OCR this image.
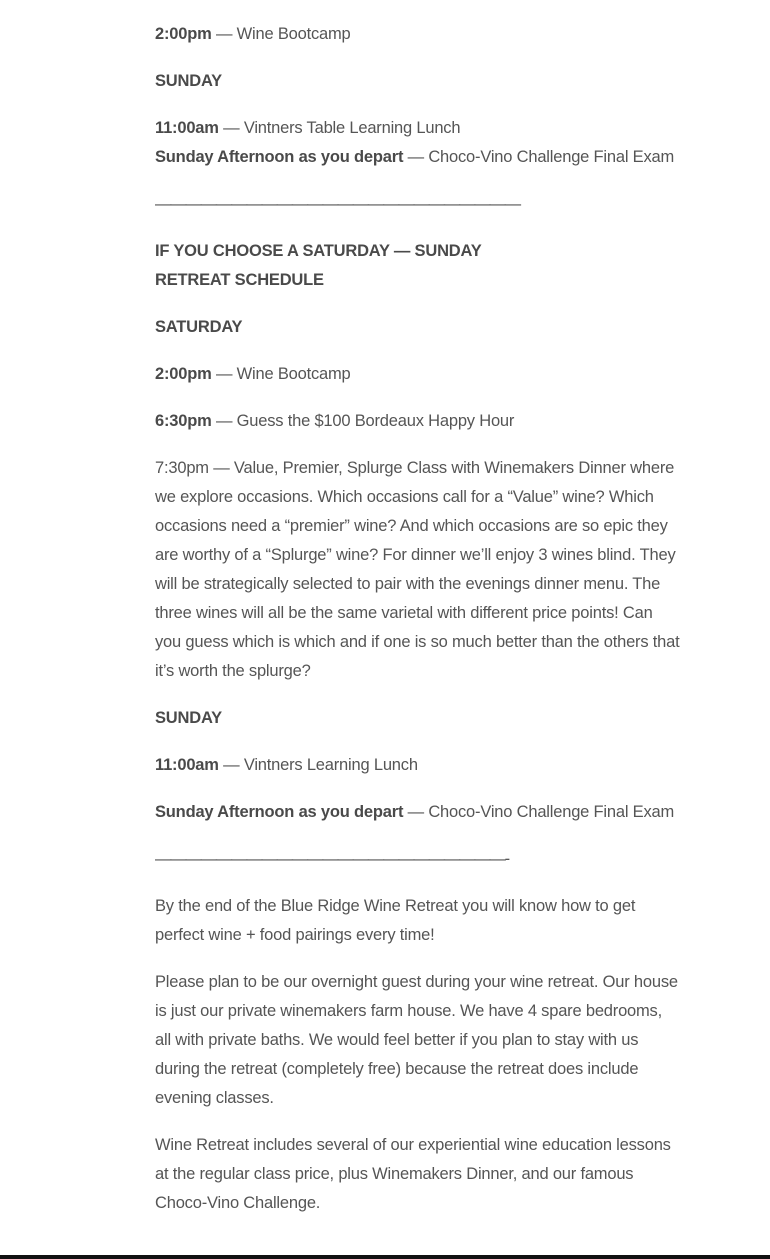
2:00pm — Wine Bootcamp

SUNDAY

11:00am — Vintners Table Learning Lunch

Sunday Afternoon as you depart — Choco-Vino Challenge Final Exam

————————————————————————

IF YOU CHOOSE A SATURDAY — SUNDAY RETREAT SCHEDULE

SATURDAY

2:00pm — Wine Bootcamp

6:30pm — Guess the $100 Bordeaux Happy Hour

7:30pm — Value, Premier, Splurge Class with Winemakers Dinner where we explore occasions. Which occasions call for a “Value” wine? Which occasions need a “premier” wine? And which occasions are so epic they are worthy of a “Splurge” wine? For dinner we’ll enjoy 3 wines blind. They will be strategically selected to pair with the evenings dinner menu. The three wines will all be the same varietal with different price points! Can you guess which is which and if one is so much better than the others that it’s worth the splurge?

SUNDAY

11:00am — Vintners Learning Lunch

Sunday Afternoon as you depart — Choco-Vino Challenge Final Exam

———————————————————————-

By the end of the Blue Ridge Wine Retreat you will know how to get perfect wine + food pairings every time!

Please plan to be our overnight guest during your wine retreat. Our house is just our private winemakers farm house. We have 4 spare bedrooms, all with private baths. We would feel better if you plan to stay with us during the retreat (completely free) because the retreat does include evening classes.

Wine Retreat includes several of our experiential wine education lessons at the regular class price, plus Winemakers Dinner, and our famous Choco-Vino Challenge.
